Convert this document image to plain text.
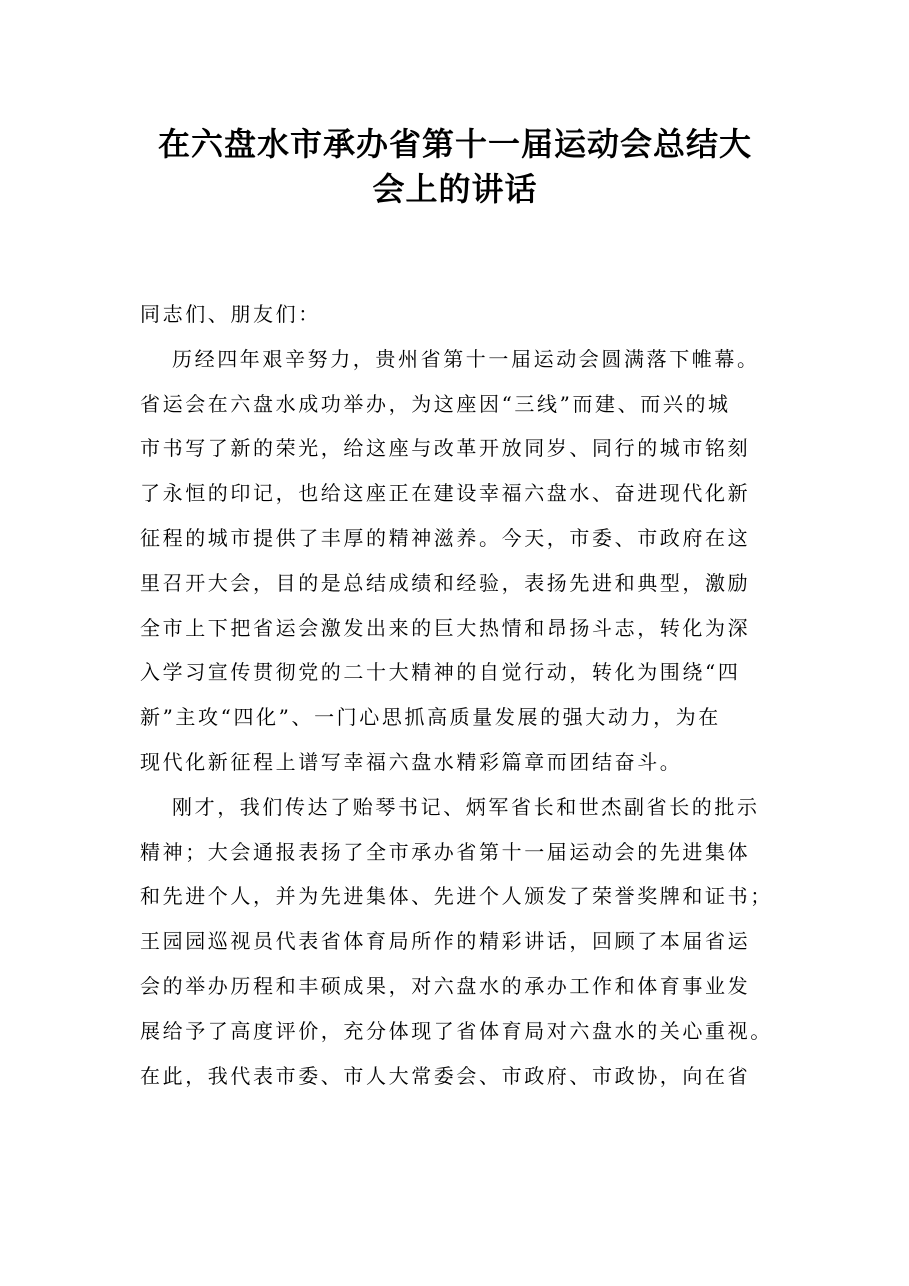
在六盘水市承办省第十一届运动会总结大
会上的讲话
同志们、朋友们：
历经四年艰辛努力，贵州省第十一届运动会圆满落下帷幕。
省运会在六盘水成功举办，为这座因“三线”而建、而兴的城
市书写了新的荣光，给这座与改革开放同岁、同行的城市铭刻
了永恒的印记，也给这座正在建设幸福六盘水、奋进现代化新
征程的城市提供了丰厚的精神滋养。今天，市委、市政府在这
里召开大会，目的是总结成绩和经验，表扬先进和典型，激励
全市上下把省运会激发出来的巨大热情和昂扬斗志，转化为深
入学习宣传贯彻党的二十大精神的自觉行动，转化为围绕“四
新”主攻“四化”、一门心思抓高质量发展的强大动力，为在
现代化新征程上谱写幸福六盘水精彩篇章而团结奋斗。
刚才，我们传达了贻琴书记、炳军省长和世杰副省长的批示
精神；大会通报表扬了全市承办省第十一届运动会的先进集体
和先进个人，并为先进集体、先进个人颁发了荣誉奖牌和证书；
王园园巡视员代表省体育局所作的精彩讲话，回顾了本届省运
会的举办历程和丰硕成果，对六盘水的承办工作和体育事业发
展给予了高度评价，充分体现了省体育局对六盘水的关心重视。
在此，我代表市委、市人大常委会、市政府、市政协，向在省
